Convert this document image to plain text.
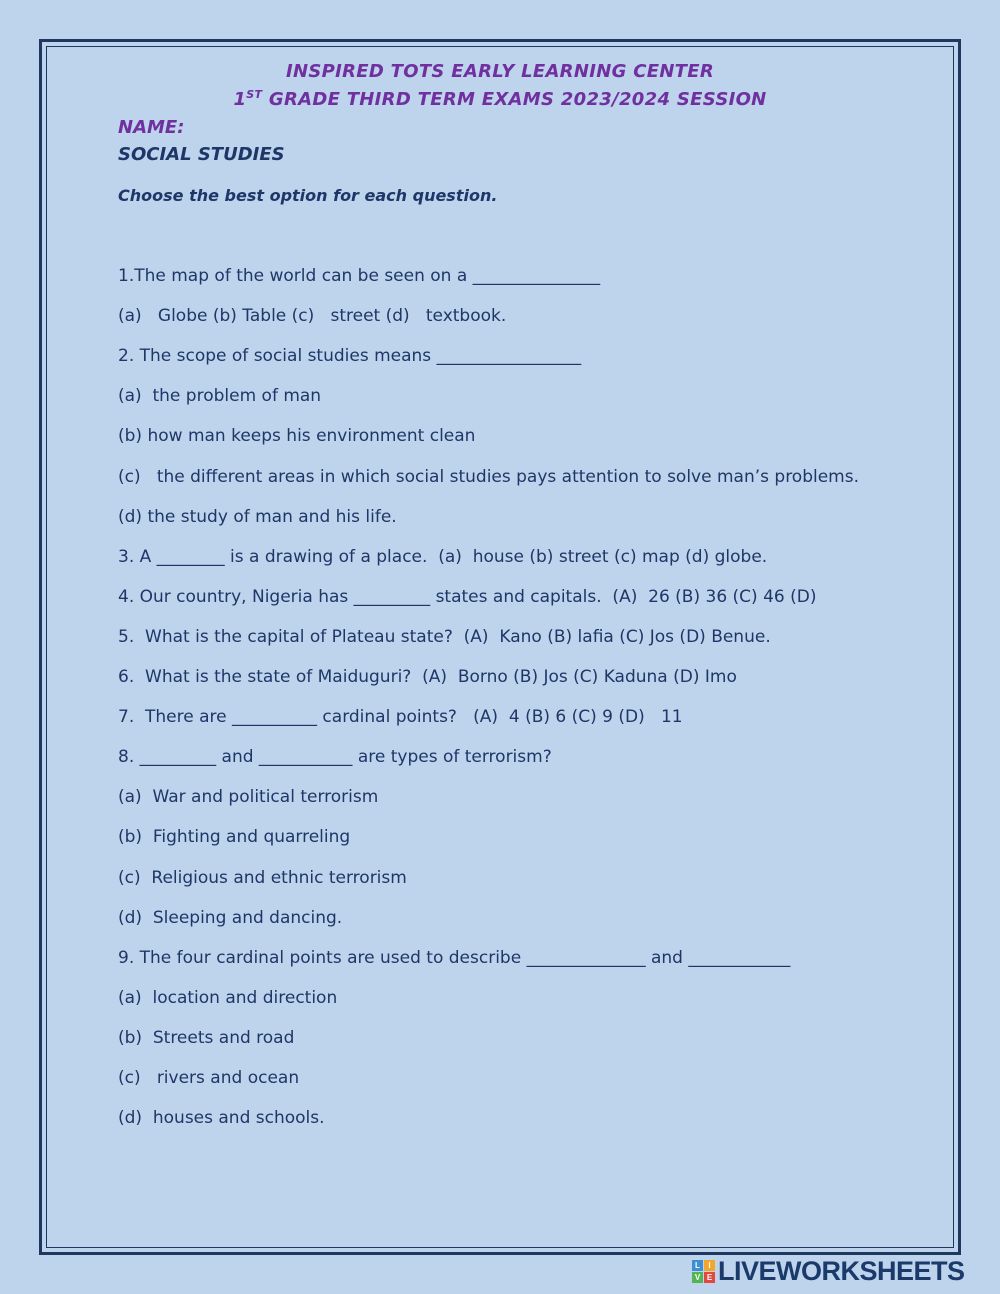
INSPIRED TOTS EARLY LEARNING CENTER
1ST GRADE THIRD TERM EXAMS 2023/2024 SESSION
NAME:
SOCIAL STUDIES
Choose the best option for each question.
1.The map of the world can be seen on a _______________
(a)   Globe (b) Table (c)   street (d)   textbook.
2. The scope of social studies means _________________
(a)  the problem of man
(b) how man keeps his environment clean
(c)   the different areas in which social studies pays attention to solve man’s problems.
(d) the study of man and his life.
3. A ________ is a drawing of a place.  (a)  house (b) street (c) map (d) globe.
4. Our country, Nigeria has _________ states and capitals.  (A)  26 (B) 36 (C) 46 (D)
5.  What is the capital of Plateau state?  (A)  Kano (B) lafia (C) Jos (D) Benue.
6.  What is the state of Maiduguri?  (A)  Borno (B) Jos (C) Kaduna (D) Imo
7.  There are __________ cardinal points?   (A)  4 (B) 6 (C) 9 (D)   11
8. _________ and ___________ are types of terrorism?
(a)  War and political terrorism
(b)  Fighting and quarreling
(c)  Religious and ethnic terrorism
(d)  Sleeping and dancing.
9. The four cardinal points are used to describe ______________ and ____________
(a)  location and direction
(b)  Streets and road
(c)   rivers and ocean
(d)  houses and schools.
L	I
V E LIVEWORKSHEETS
